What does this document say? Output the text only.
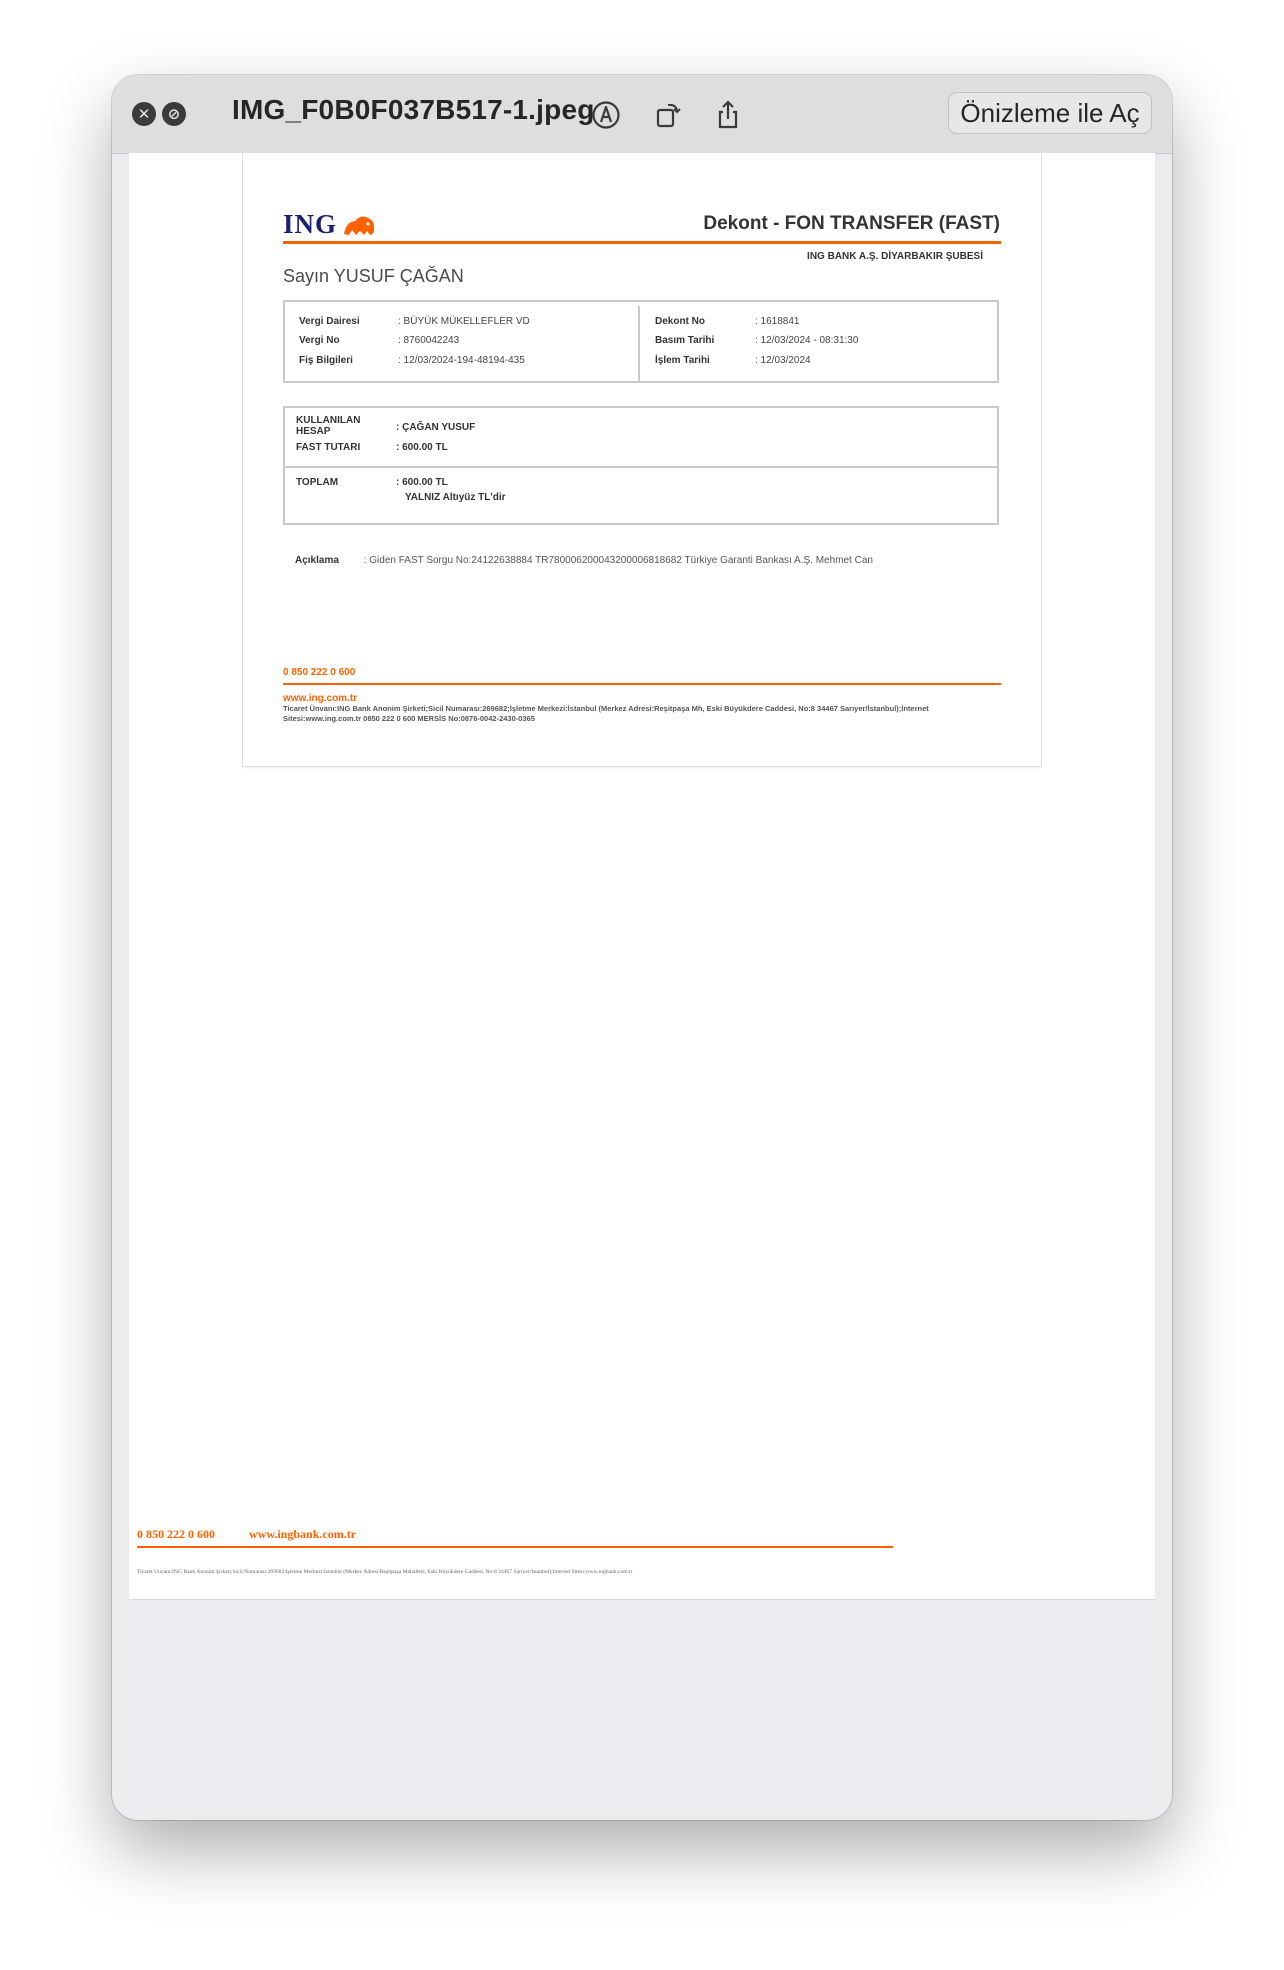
✕	⊘ IMG_F0B0F037B517-1.jpeg	Önizleme ile Aç
ING	Dekont - FON TRANSFER (FAST)
ING BANK A.Ş. DİYARBAKIR ŞUBESİ
Sayın YUSUF ÇAĞAN
Vergi Dairesi	: BÜYÜK MÜKELLEFLER VD
Vergi No	: 8760042243
Fiş Bilgileri	: 12/03/2024-194-48194-435
Dekont No	: 1618841
Basım Tarihi	: 12/03/2024 - 08:31:30
İşlem Tarihi	: 12/03/2024
KULLANILAN
HESAP	: ÇAĞAN YUSUF
FAST TUTARI	: 600.00 TL
TOPLAM	: 600.00 TL
YALNIZ Altıyüz TL'dir
Açıklama : Giden FAST Sorgu No:24122638884 TR780006200043200006818682 Türkiye Garanti Bankası A.Ş. Mehmet Can
0 850 222 0 600
www.ing.com.tr
Ticaret Ünvanı:ING Bank Anonim Şirketi;Sicil Numarası:269682;İşletme Merkezi:İstanbul (Merkez Adresi:Reşitpaşa Mh, Eski Büyükdere Caddesi, No:8 34467 Sarıyer/İstanbul);İnternet Sitesi:www.ing.com.tr 0850 222 0 600 MERSİS No:0876-0042-2430-0365
0 850 222 0 600	www.ingbank.com.tr
Ticaret Ünvanı:ING Bank Anonim Şirketi;Sicil Numarası:269682;İşletme Merkezi:İstanbul (Merkez Adresi:Reşitpaşa Mahallesi, Eski Büyükdere Caddesi, No:8 34467 Sarıyer/İstanbul);İnternet Sitesi:www.ingbank.com.tr
